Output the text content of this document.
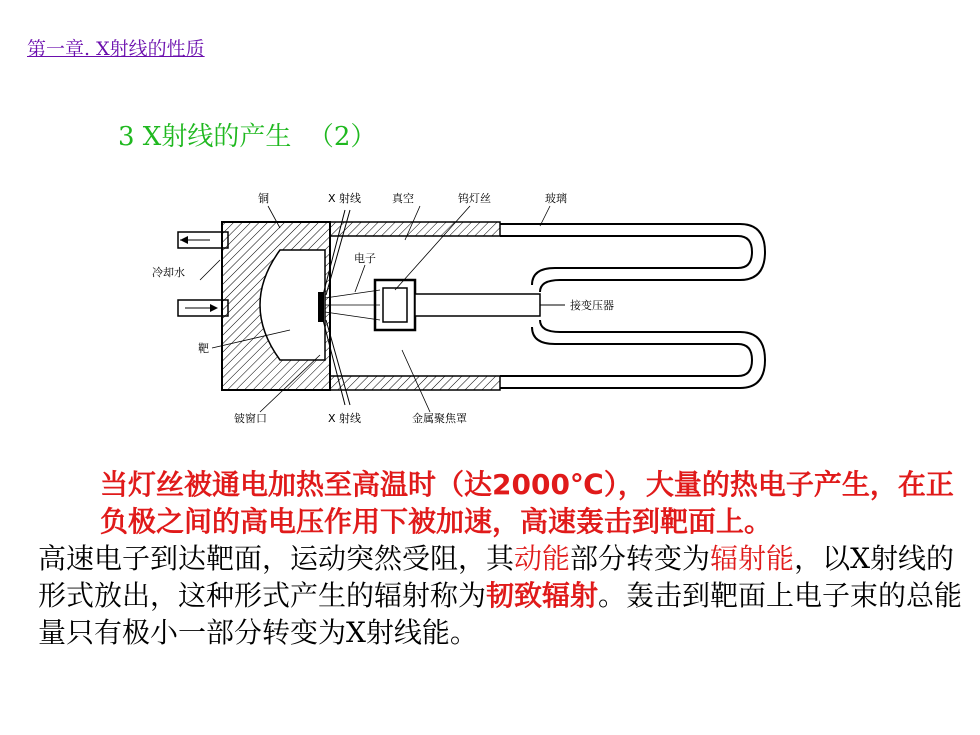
第一章. X射线的性质
3 X射线的产生  （2）
铜	X 射线	真空	钨灯丝	玻璃
冷却水
电子
接变压器
靶
铍窗口	X 射线	金属聚焦罩

当灯丝被通电加热至高温时（达2000℃），大量的热电子产生，在正负极之间的高电压作用下被加速，高速轰击到靶面上。

高速电子到达靶面，运动突然受阻，其动能部分转变为辐射能，以X射线的形式放出，这种形式产生的辐射称为韧致辐射。轰击到靶面上电子束的总能量只有极小一部分转变为X射线能。
